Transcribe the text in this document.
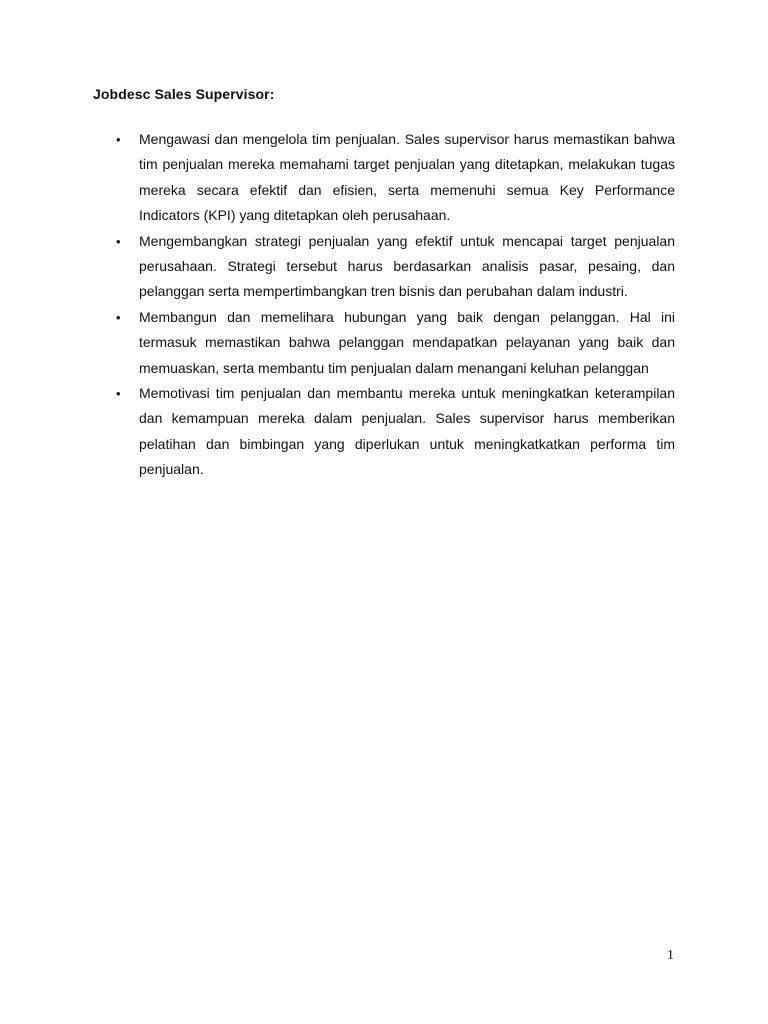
Jobdesc Sales Supervisor:
• Mengawasi dan mengelola tim penjualan. Sales supervisor harus memastikan bahwa tim penjualan mereka memahami target penjualan yang ditetapkan, melakukan tugas mereka secara efektif dan efisien, serta memenuhi semua Key Performance Indicators (KPI) yang ditetapkan oleh perusahaan.
• Mengembangkan strategi penjualan yang efektif untuk mencapai target penjualan perusahaan. Strategi tersebut harus berdasarkan analisis pasar, pesaing, dan pelanggan serta mempertimbangkan tren bisnis dan perubahan dalam industri.
• Membangun dan memelihara hubungan yang baik dengan pelanggan. Hal ini termasuk memastikan bahwa pelanggan mendapatkan pelayanan yang baik dan memuaskan, serta membantu tim penjualan dalam menangani keluhan pelanggan
• Memotivasi tim penjualan dan membantu mereka untuk meningkatkan keterampilan dan kemampuan mereka dalam penjualan. Sales supervisor harus memberikan pelatihan dan bimbingan yang diperlukan untuk meningkatkatkan performa tim penjualan.
1
